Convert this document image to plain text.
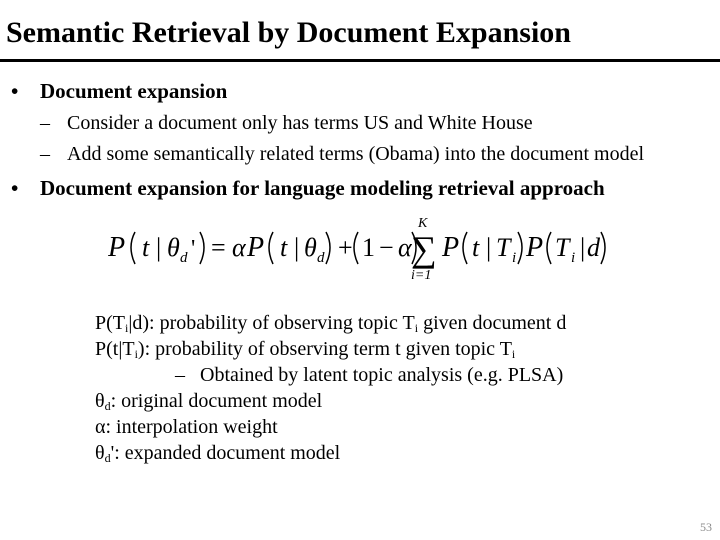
Semantic Retrieval by Document Expansion
• Document expansion
– Consider a document only has terms US and White House
– Add some semantically related terms (Obama) into the document model
• Document expansion for language modeling retrieval approach
P t | θ d ' = α P t | θ d + 1 − α
K
∑
i=1
P t | T i P T i | d
$P(T_i|d)$: probability of observing topic $T_i$ given document d
$P(t|T_i)$: probability of observing term t given topic $T_i$
– Obtained by latent topic analysis (e.g. PLSA)
$\theta_d$: original document model
α: interpolation weight
$\theta_d'$: expanded document model
53
